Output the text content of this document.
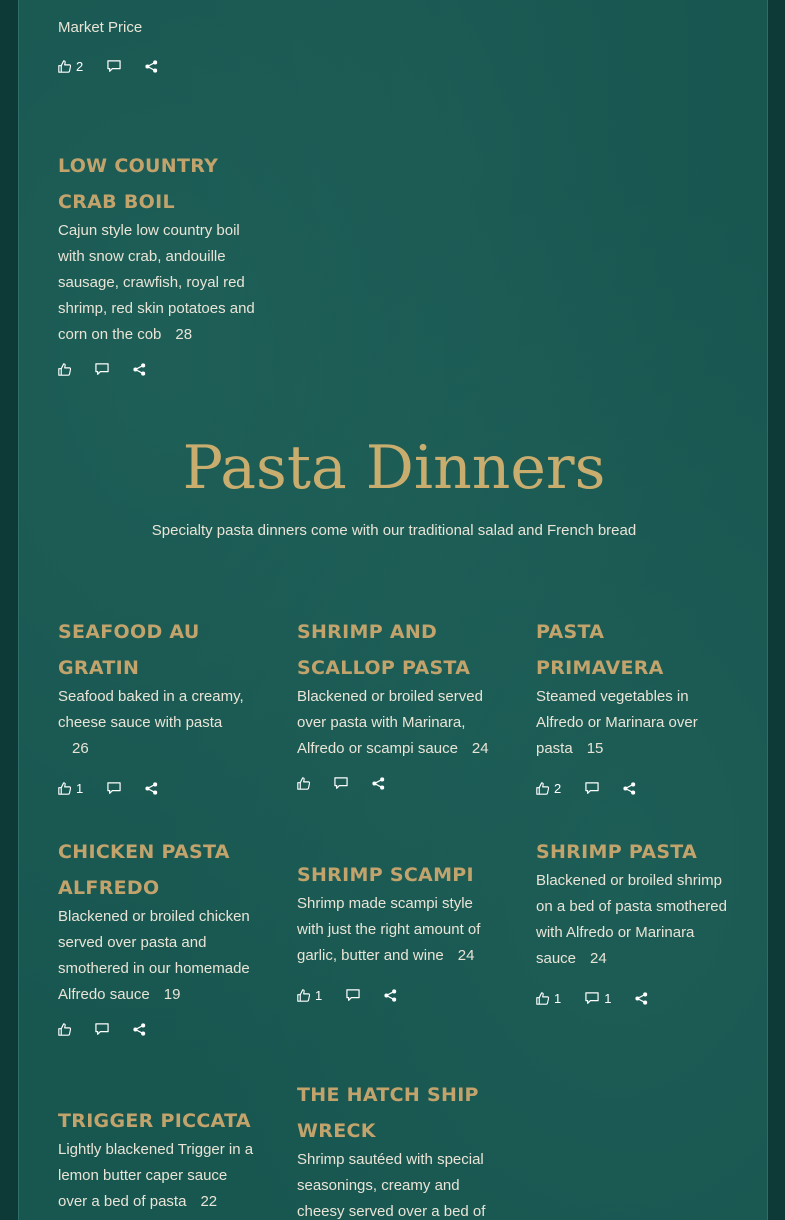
Market Price
2
LOW COUNTRY CRAB BOIL
Cajun style low country boil with snow crab, andouille sausage, crawfish, royal red shrimp, red skin potatoes and corn on the cob 28
Pasta Dinners
Specialty pasta dinners come with our traditional salad and French bread
SEAFOOD AU GRATIN
Seafood baked in a creamy, cheese sauce with pasta
26
1
SHRIMP AND SCALLOP PASTA
Blackened or broiled served over pasta with Marinara, Alfredo or scampi sauce 24
PASTA PRIMAVERA
Steamed vegetables in Alfredo or Marinara over pasta 15
2
CHICKEN PASTA ALFREDO
Blackened or broiled chicken served over pasta and smothered in our homemade Alfredo sauce 19
SHRIMP SCAMPI
Shrimp made scampi style with just the right amount of garlic, butter and wine 24
1
SHRIMP PASTA
Blackened or broiled shrimp on a bed of pasta smothered with Alfredo or Marinara sauce 24
1	1
TRIGGER PICCATA
Lightly blackened Trigger in a lemon butter caper sauce over a bed of pasta 22
THE HATCH SHIP WRECK
Shrimp sautéed with special seasonings, creamy and cheesy served over a bed of
